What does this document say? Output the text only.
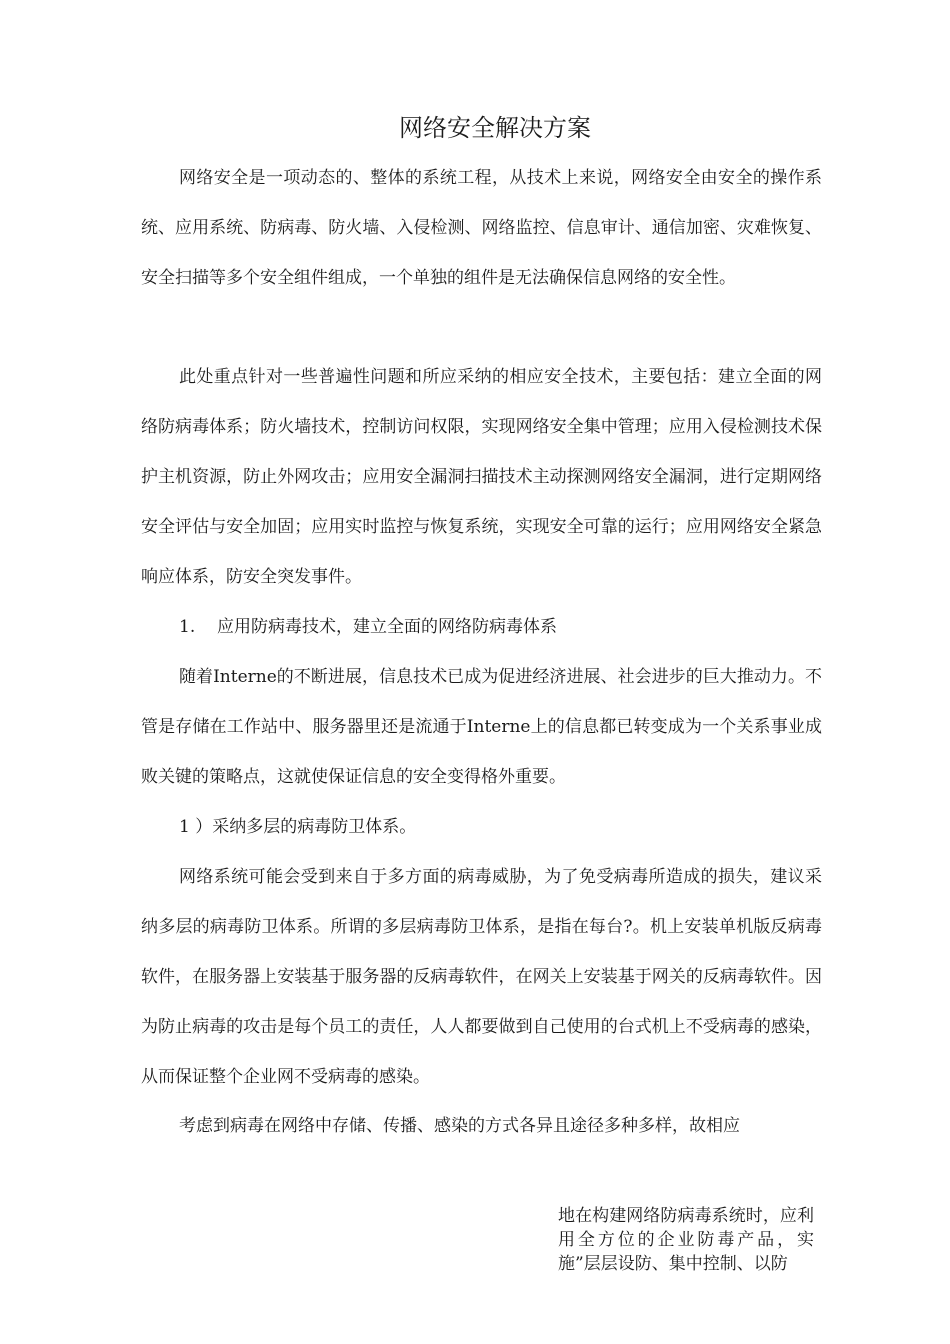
网络安全解决方案

网络安全是一项动态的、整体的系统工程，从技术上来说，网络安全由安全的操作系统、应用系统、防病毒、防火墙、入侵检测、网络监控、信息审计、通信加密、灾难恢复、安全扫描等多个安全组件组成，一个单独的组件是无法确保信息网络的安全性。

此处重点针对一些普遍性问题和所应采纳的相应安全技术，主要包括：建立全面的网络防病毒体系；防火墙技术，控制访问权限，实现网络安全集中管理；应用入侵检测技术保护主机资源，防止外网攻击；应用安全漏洞扫描技术主动探测网络安全漏洞，进行定期网络安全评估与安全加固；应用实时监控与恢复系统，实现安全可靠的运行；应用网络安全紧急响应体系，防安全突发事件。

1. 应用防病毒技术，建立全面的网络防病毒体系

随着Interne的不断进展，信息技术已成为促进经济进展、社会进步的巨大推动力。不管是存储在工作站中、服务器里还是流通于Interne上的信息都已转变成为一个关系事业成败关键的策略点，这就使保证信息的安全变得格外重要。

1 ）采纳多层的病毒防卫体系。

网络系统可能会受到来自于多方面的病毒威胁，为了免受病毒所造成的损失，建议采纳多层的病毒防卫体系。所谓的多层病毒防卫体系，是指在每台?。机上安装单机版反病毒软件，在服务器上安装基于服务器的反病毒软件，在网关上安装基于网关的反病毒软件。因为防止病毒的攻击是每个员工的责任，人人都要做到自己使用的台式机上不受病毒的感染，从而保证整个企业网不受病毒的感染。

考虑到病毒在网络中存储、传播、感染的方式各异且途径多种多样，故相应

地在构建网络防病毒系统时，应利用全方位的企业防毒产品，实施”层层设防、集中控制、以防
